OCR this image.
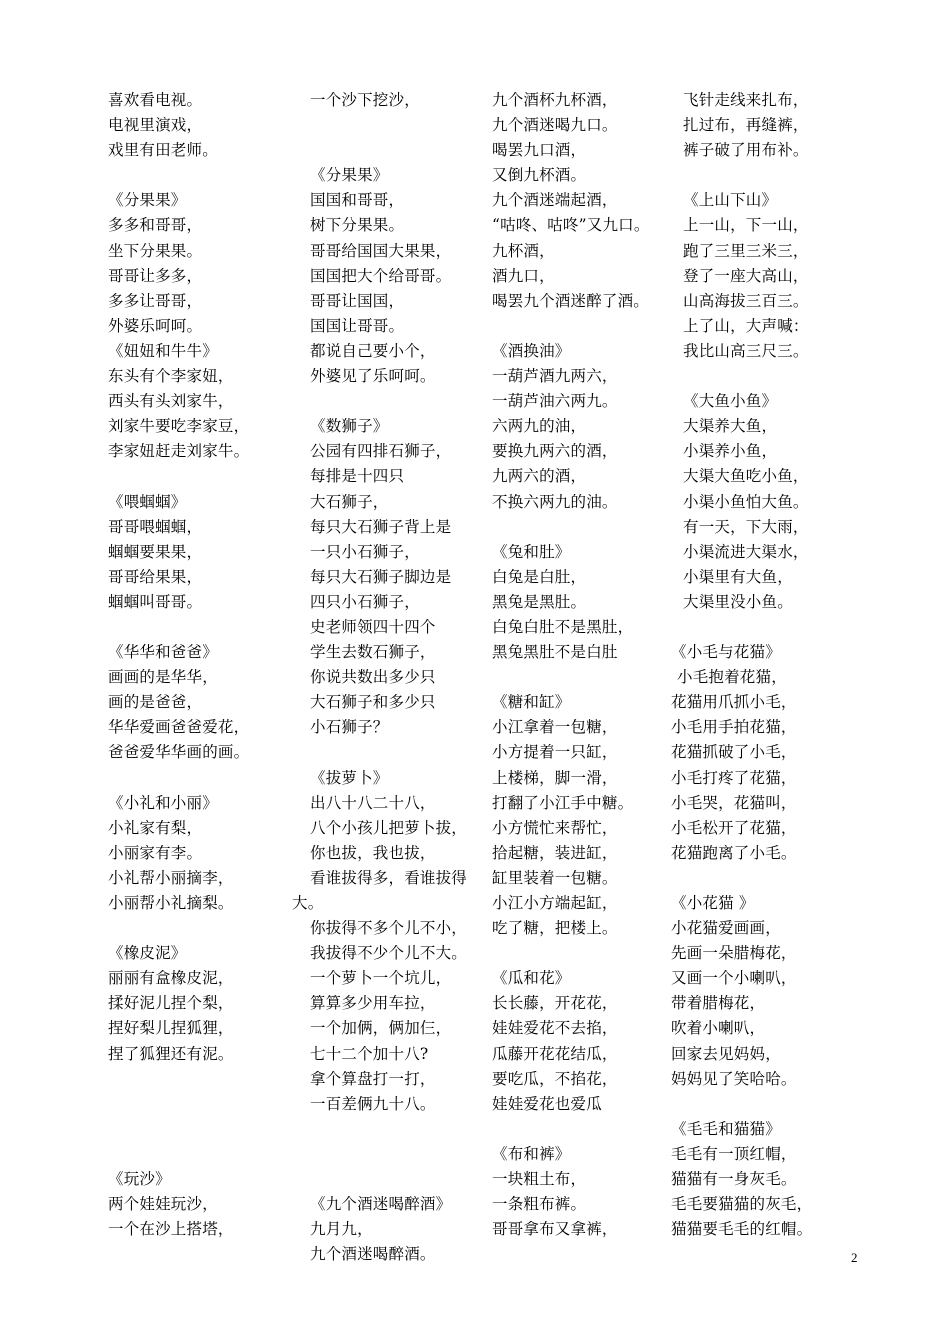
喜欢看电视。
电视里演戏，
戏里有田老师。
《分果果》
多多和哥哥，
坐下分果果。
哥哥让多多，
多多让哥哥，
外婆乐呵呵。
《妞妞和牛牛》
东头有个李家妞，
西头有头刘家牛，
刘家牛要吃李家豆，
李家妞赶走刘家牛。
《喂蝈蝈》
哥哥喂蝈蝈，
蝈蝈要果果，
哥哥给果果，
蝈蝈叫哥哥。
《华华和爸爸》
画画的是华华，
画的是爸爸，
华华爱画爸爸爱花，
爸爸爱华华画的画。
《小礼和小丽》
小礼家有梨，
小丽家有李。
小礼帮小丽摘李，
小丽帮小礼摘梨。
《橡皮泥》
丽丽有盒橡皮泥，
揉好泥儿捏个梨，
捏好梨儿捏狐狸，
捏了狐狸还有泥。
《玩沙》
两个娃娃玩沙，
一个在沙上搭塔，
一个沙下挖沙，
《分果果》
国国和哥哥，
树下分果果。
哥哥给国国大果果，
国国把大个给哥哥。
哥哥让国国，
国国让哥哥。
都说自己要小个，
外婆见了乐呵呵。
《数狮子》
公园有四排石狮子，
每排是十四只
大石狮子，
每只大石狮子背上是
一只小石狮子，
每只大石狮子脚边是
四只小石狮子，
史老师领四十四个
学生去数石狮子，
你说共数出多少只
大石狮子和多少只
小石狮子？
《拔萝卜》
出八十八二十八，
八个小孩儿把萝卜拔，
你也拔，我也拔，
看谁拔得多，看谁拔得
大。
你拔得不多个儿不小，
我拔得不少个儿不大。
一个萝卜一个坑儿，
算算多少用车拉，
一个加俩，俩加仨，
七十二个加十八?
拿个算盘打一打，
一百差俩九十八。
《九个酒迷喝醉酒》
九月九，
九个酒迷喝醉酒。
九个酒杯九杯酒，
九个酒迷喝九口。
喝罢九口酒，
又倒九杯酒。
九个酒迷端起酒，
“咕咚、咕咚”又九口。
九杯酒，
酒九口，
喝罢九个酒迷醉了酒。
《酒换油》
一葫芦酒九两六，
一葫芦油六两九。
六两九的油，
要换九两六的酒，
九两六的酒，
不换六两九的油。
《兔和肚》
白兔是白肚，
黑兔是黑肚。
白兔白肚不是黑肚，
黑兔黑肚不是白肚
《糖和缸》
小江拿着一包糖，
小方提着一只缸，
上楼梯，脚一滑，
打翻了小江手中糖。
小方慌忙来帮忙，
拾起糖，装进缸，
缸里装着一包糖。
小江小方端起缸，
吃了糖，把楼上。
《瓜和花》
长长藤，开花花，
娃娃爱花不去掐，
瓜藤开花花结瓜，
要吃瓜，不掐花，
娃娃爱花也爱瓜
《布和裤》
一块粗土布，
一条粗布裤。
哥哥拿布又拿裤，
飞针走线来扎布，
扎过布，再缝裤，
裤子破了用布补。
《上山下山》
上一山，下一山，
跑了三里三米三，
登了一座大高山，
山高海拔三百三。
上了山，大声喊：
我比山高三尺三。
《大鱼小鱼》
大渠养大鱼，
小渠养小鱼，
大渠大鱼吃小鱼，
小渠小鱼怕大鱼。
有一天，下大雨，
小渠流进大渠水，
小渠里有大鱼，
大渠里没小鱼。
《小毛与花猫》
小毛抱着花猫，
花猫用爪抓小毛，
小毛用手拍花猫，
花猫抓破了小毛，
小毛打疼了花猫，
小毛哭，花猫叫，
小毛松开了花猫，
花猫跑离了小毛。
《小花猫 》
小花猫爱画画，
先画一朵腊梅花，
又画一个小喇叭，
带着腊梅花，
吹着小喇叭，
回家去见妈妈，
妈妈见了笑哈哈。
《毛毛和猫猫》
毛毛有一顶红帽，
猫猫有一身灰毛。
毛毛要猫猫的灰毛，
猫猫要毛毛的红帽。
2
